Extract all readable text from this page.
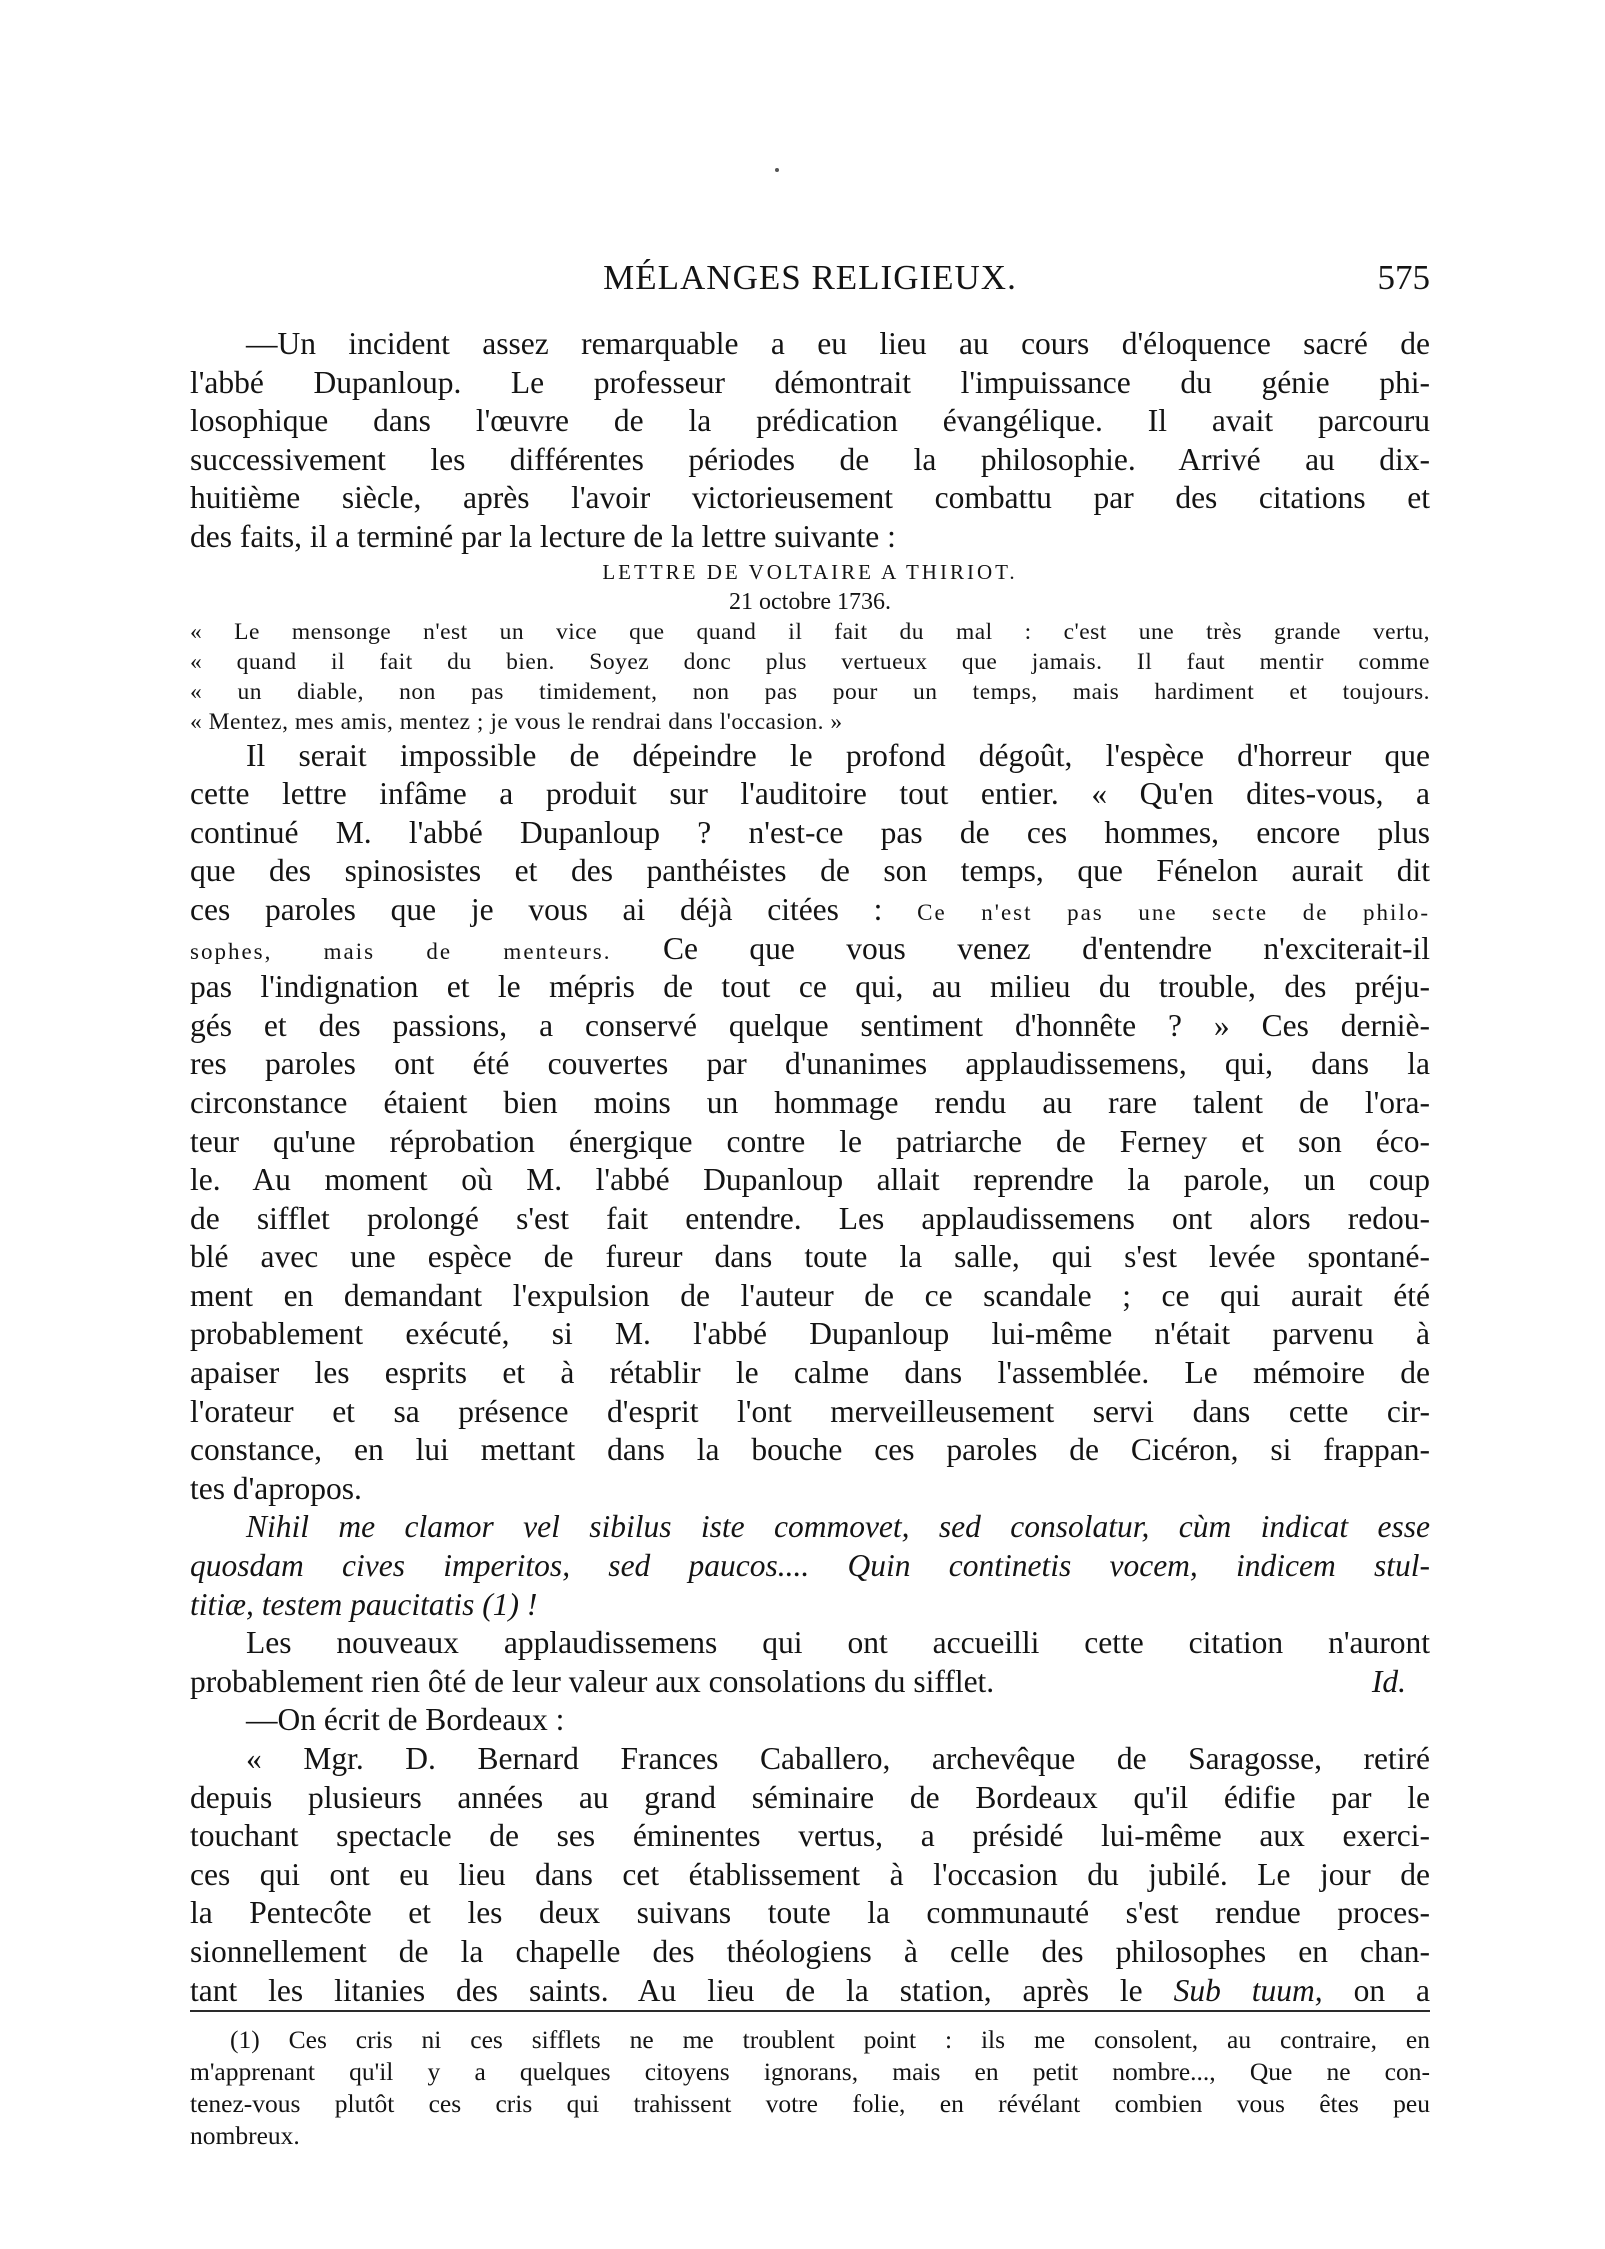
MÉLANGES RELIGIEUX.	575
—Un incident assez remarquable a eu lieu au cours d'éloquence sacré de
l'abbé Dupanloup. Le professeur démontrait l'impuissance du génie phi-
losophique dans l'œuvre de la prédication évangélique. Il avait parcouru
successivement les différentes périodes de la philosophie. Arrivé au dix-
huitième siècle, après l'avoir victorieusement combattu par des citations et
des faits, il a terminé par la lecture de la lettre suivante :
LETTRE DE VOLTAIRE A THIRIOT.
21 octobre 1736.
« Le mensonge n'est un vice que quand il fait du mal : c'est une très grande vertu,
« quand il fait du bien. Soyez donc plus vertueux que jamais. Il faut mentir comme
« un diable, non pas timidement, non pas pour un temps, mais hardiment et toujours.
« Mentez, mes amis, mentez ; je vous le rendrai dans l'occasion. »
Il serait impossible de dépeindre le profond dégoût, l'espèce d'horreur que
cette lettre infâme a produit sur l'auditoire tout entier. « Qu'en dites-vous, a
continué M. l'abbé Dupanloup ? n'est-ce pas de ces hommes, encore plus
que des spinosistes et des panthéistes de son temps, que Fénelon aurait dit
ces paroles que je vous ai déjà citées : Ce n'est pas une secte de philo-
sophes, mais de menteurs. Ce que vous venez d'entendre n'exciterait-il
pas l'indignation et le mépris de tout ce qui, au milieu du trouble, des préju-
gés et des passions, a conservé quelque sentiment d'honnête ? » Ces derniè-
res paroles ont été couvertes par d'unanimes applaudissemens, qui, dans la
circonstance étaient bien moins un hommage rendu au rare talent de l'ora-
teur qu'une réprobation énergique contre le patriarche de Ferney et son éco-
le. Au moment où M. l'abbé Dupanloup allait reprendre la parole, un coup
de sifflet prolongé s'est fait entendre. Les applaudissemens ont alors redou-
blé avec une espèce de fureur dans toute la salle, qui s'est levée spontané-
ment en demandant l'expulsion de l'auteur de ce scandale ; ce qui aurait été
probablement exécuté, si M. l'abbé Dupanloup lui-même n'était parvenu à
apaiser les esprits et à rétablir le calme dans l'assemblée. Le mémoire de
l'orateur et sa présence d'esprit l'ont merveilleusement servi dans cette cir-
constance, en lui mettant dans la bouche ces paroles de Cicéron, si frappan-
tes d'apropos.
Nihil me clamor vel sibilus iste commovet, sed consolatur, cùm indicat esse
quosdam cives imperitos, sed paucos.... Quin continetis vocem, indicem stul-
titiæ, testem paucitatis (1) !
Les nouveaux applaudissemens qui ont accueilli cette citation n'auront
probablement rien ôté de leur valeur aux consolations du sifflet.	Id.
—On écrit de Bordeaux :
« Mgr. D. Bernard Frances Caballero, archevêque de Saragosse, retiré
depuis plusieurs années au grand séminaire de Bordeaux qu'il édifie par le
touchant spectacle de ses éminentes vertus, a présidé lui-même aux exerci-
ces qui ont eu lieu dans cet établissement à l'occasion du jubilé. Le jour de
la Pentecôte et les deux suivans toute la communauté s'est rendue proces-
sionnellement de la chapelle des théologiens à celle des philosophes en chan-
tant les litanies des saints. Au lieu de la station, après le Sub tuum, on a
(1) Ces cris ni ces sifflets ne me troublent point : ils me consolent, au contraire, en
m'apprenant qu'il y a quelques citoyens ignorans, mais en petit nombre..., Que ne con-
tenez-vous plutôt ces cris qui trahissent votre folie, en révélant combien vous êtes peu
nombreux.
